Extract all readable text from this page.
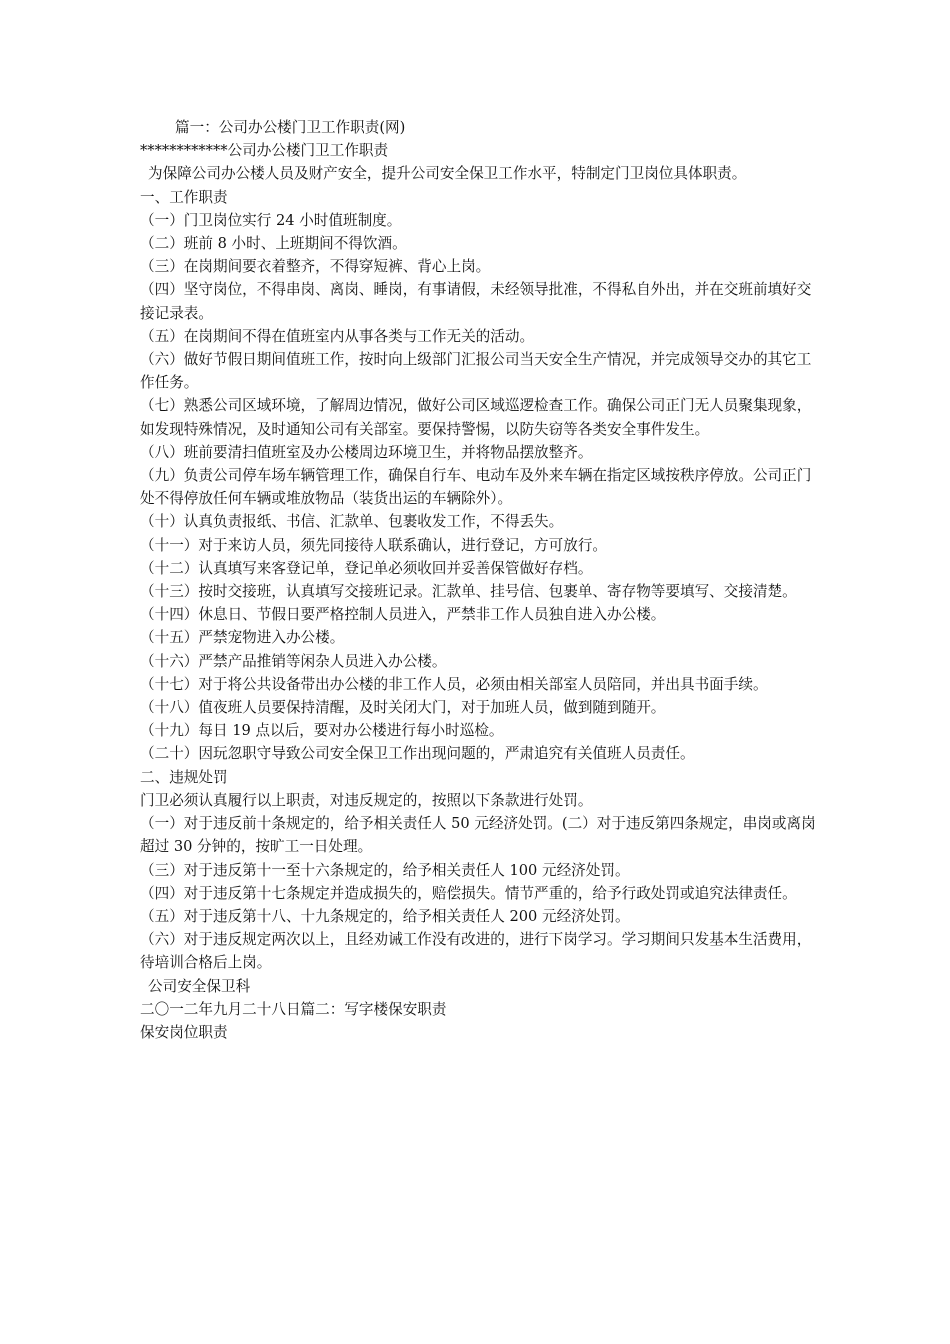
篇一：公司办公楼门卫工作职责(网)

************公司办公楼门卫工作职责

为保障公司办公楼人员及财产安全，提升公司安全保卫工作水平，特制定门卫岗位具体职责。

一、工作职责

（一）门卫岗位实行 24 小时值班制度。

（二）班前 8 小时、上班期间不得饮酒。

（三）在岗期间要衣着整齐，不得穿短裤、背心上岗。

（四）坚守岗位，不得串岗、离岗、睡岗，有事请假，未经领导批准，不得私自外出，并在交班前填好交接记录表。

（五）在岗期间不得在值班室内从事各类与工作无关的活动。

（六）做好节假日期间值班工作，按时向上级部门汇报公司当天安全生产情况，并完成领导交办的其它工作任务。

（七）熟悉公司区域环境，了解周边情况，做好公司区域巡逻检查工作。确保公司正门无人员聚集现象，如发现特殊情况，及时通知公司有关部室。要保持警惕，以防失窃等各类安全事件发生。

（八）班前要清扫值班室及办公楼周边环境卫生，并将物品摆放整齐。

（九）负责公司停车场车辆管理工作，确保自行车、电动车及外来车辆在指定区域按秩序停放。公司正门处不得停放任何车辆或堆放物品（装货出运的车辆除外）。

（十）认真负责报纸、书信、汇款单、包裹收发工作，不得丢失。

（十一）对于来访人员，须先同接待人联系确认，进行登记，方可放行。

（十二）认真填写来客登记单，登记单必须收回并妥善保管做好存档。

（十三）按时交接班，认真填写交接班记录。汇款单、挂号信、包裹单、寄存物等要填写、交接清楚。

（十四）休息日、节假日要严格控制人员进入，严禁非工作人员独自进入办公楼。

（十五）严禁宠物进入办公楼。

（十六）严禁产品推销等闲杂人员进入办公楼。

（十七）对于将公共设备带出办公楼的非工作人员，必须由相关部室人员陪同，并出具书面手续。

（十八）值夜班人员要保持清醒，及时关闭大门，对于加班人员，做到随到随开。

（十九）每日 19 点以后，要对办公楼进行每小时巡检。

（二十）因玩忽职守导致公司安全保卫工作出现问题的，严肃追究有关值班人员责任。

二、违规处罚

门卫必须认真履行以上职责，对违反规定的，按照以下条款进行处罚。

（一）对于违反前十条规定的，给予相关责任人 50 元经济处罚。(二）对于违反第四条规定，串岗或离岗超过 30 分钟的，按旷工一日处理。

（三）对于违反第十一至十六条规定的，给予相关责任人 100 元经济处罚。

（四）对于违反第十七条规定并造成损失的，赔偿损失。情节严重的，给予行政处罚或追究法律责任。

（五）对于违反第十八、十九条规定的，给予相关责任人 200 元经济处罚。

（六）对于违反规定两次以上，且经劝诫工作没有改进的，进行下岗学习。学习期间只发基本生活费用，待培训合格后上岗。

公司安全保卫科

二〇一二年九月二十八日篇二：写字楼保安职责

保安岗位职责
